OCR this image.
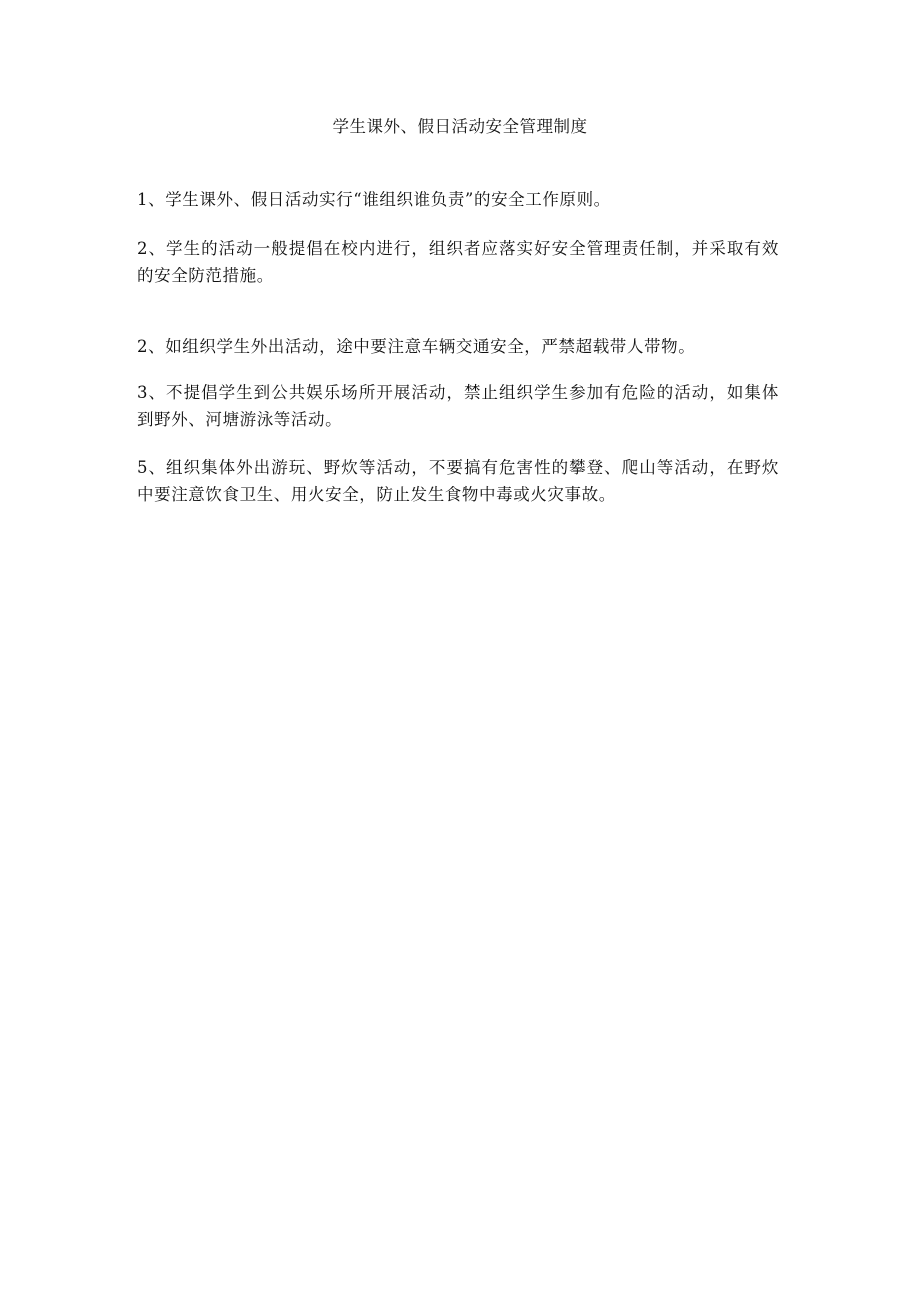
学生课外、假日活动安全管理制度

1、学生课外、假日活动实行“谁组织谁负责”的安全工作原则。

2、学生的活动一般提倡在校内进行，组织者应落实好安全管理责任制，并采取有效的安全防范措施。

2、如组织学生外出活动，途中要注意车辆交通安全，严禁超载带人带物。

3、不提倡学生到公共娱乐场所开展活动，禁止组织学生参加有危险的活动，如集体到野外、河塘游泳等活动。

5、组织集体外出游玩、野炊等活动，不要搞有危害性的攀登、爬山等活动，在野炊中要注意饮食卫生、用火安全，防止发生食物中毒或火灾事故。
